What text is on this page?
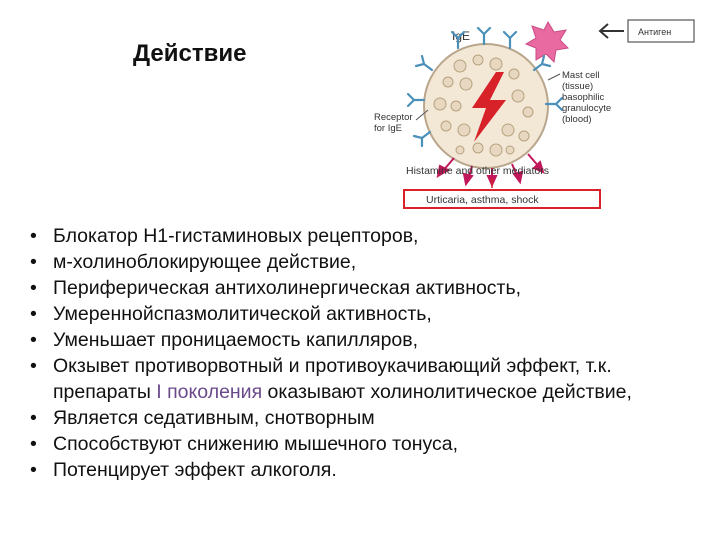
Действие
IgE	Антиген
Mast cell
(tissue)
basophilic
granulocyte
(blood)
Receptor
for IgE
Histamine and other mediators
Urticaria, asthma, shock
• Блокатор Н1-гистаминовых рецепторов,
• м-холиноблокирующее действие,
• Периферическая антихолинергическая активность,
• Умереннойспазмолитической активность,
• Уменьшает проницаемость капилляров,
• Окзывет противорвотный и противоукачивающий эффект, т.к. препараты I поколения оказывают холинолитическое действие,
• Является седативным, снотворным
• Способствуют снижению мышечного тонуса,
• Потенцирует эффект алкоголя.
